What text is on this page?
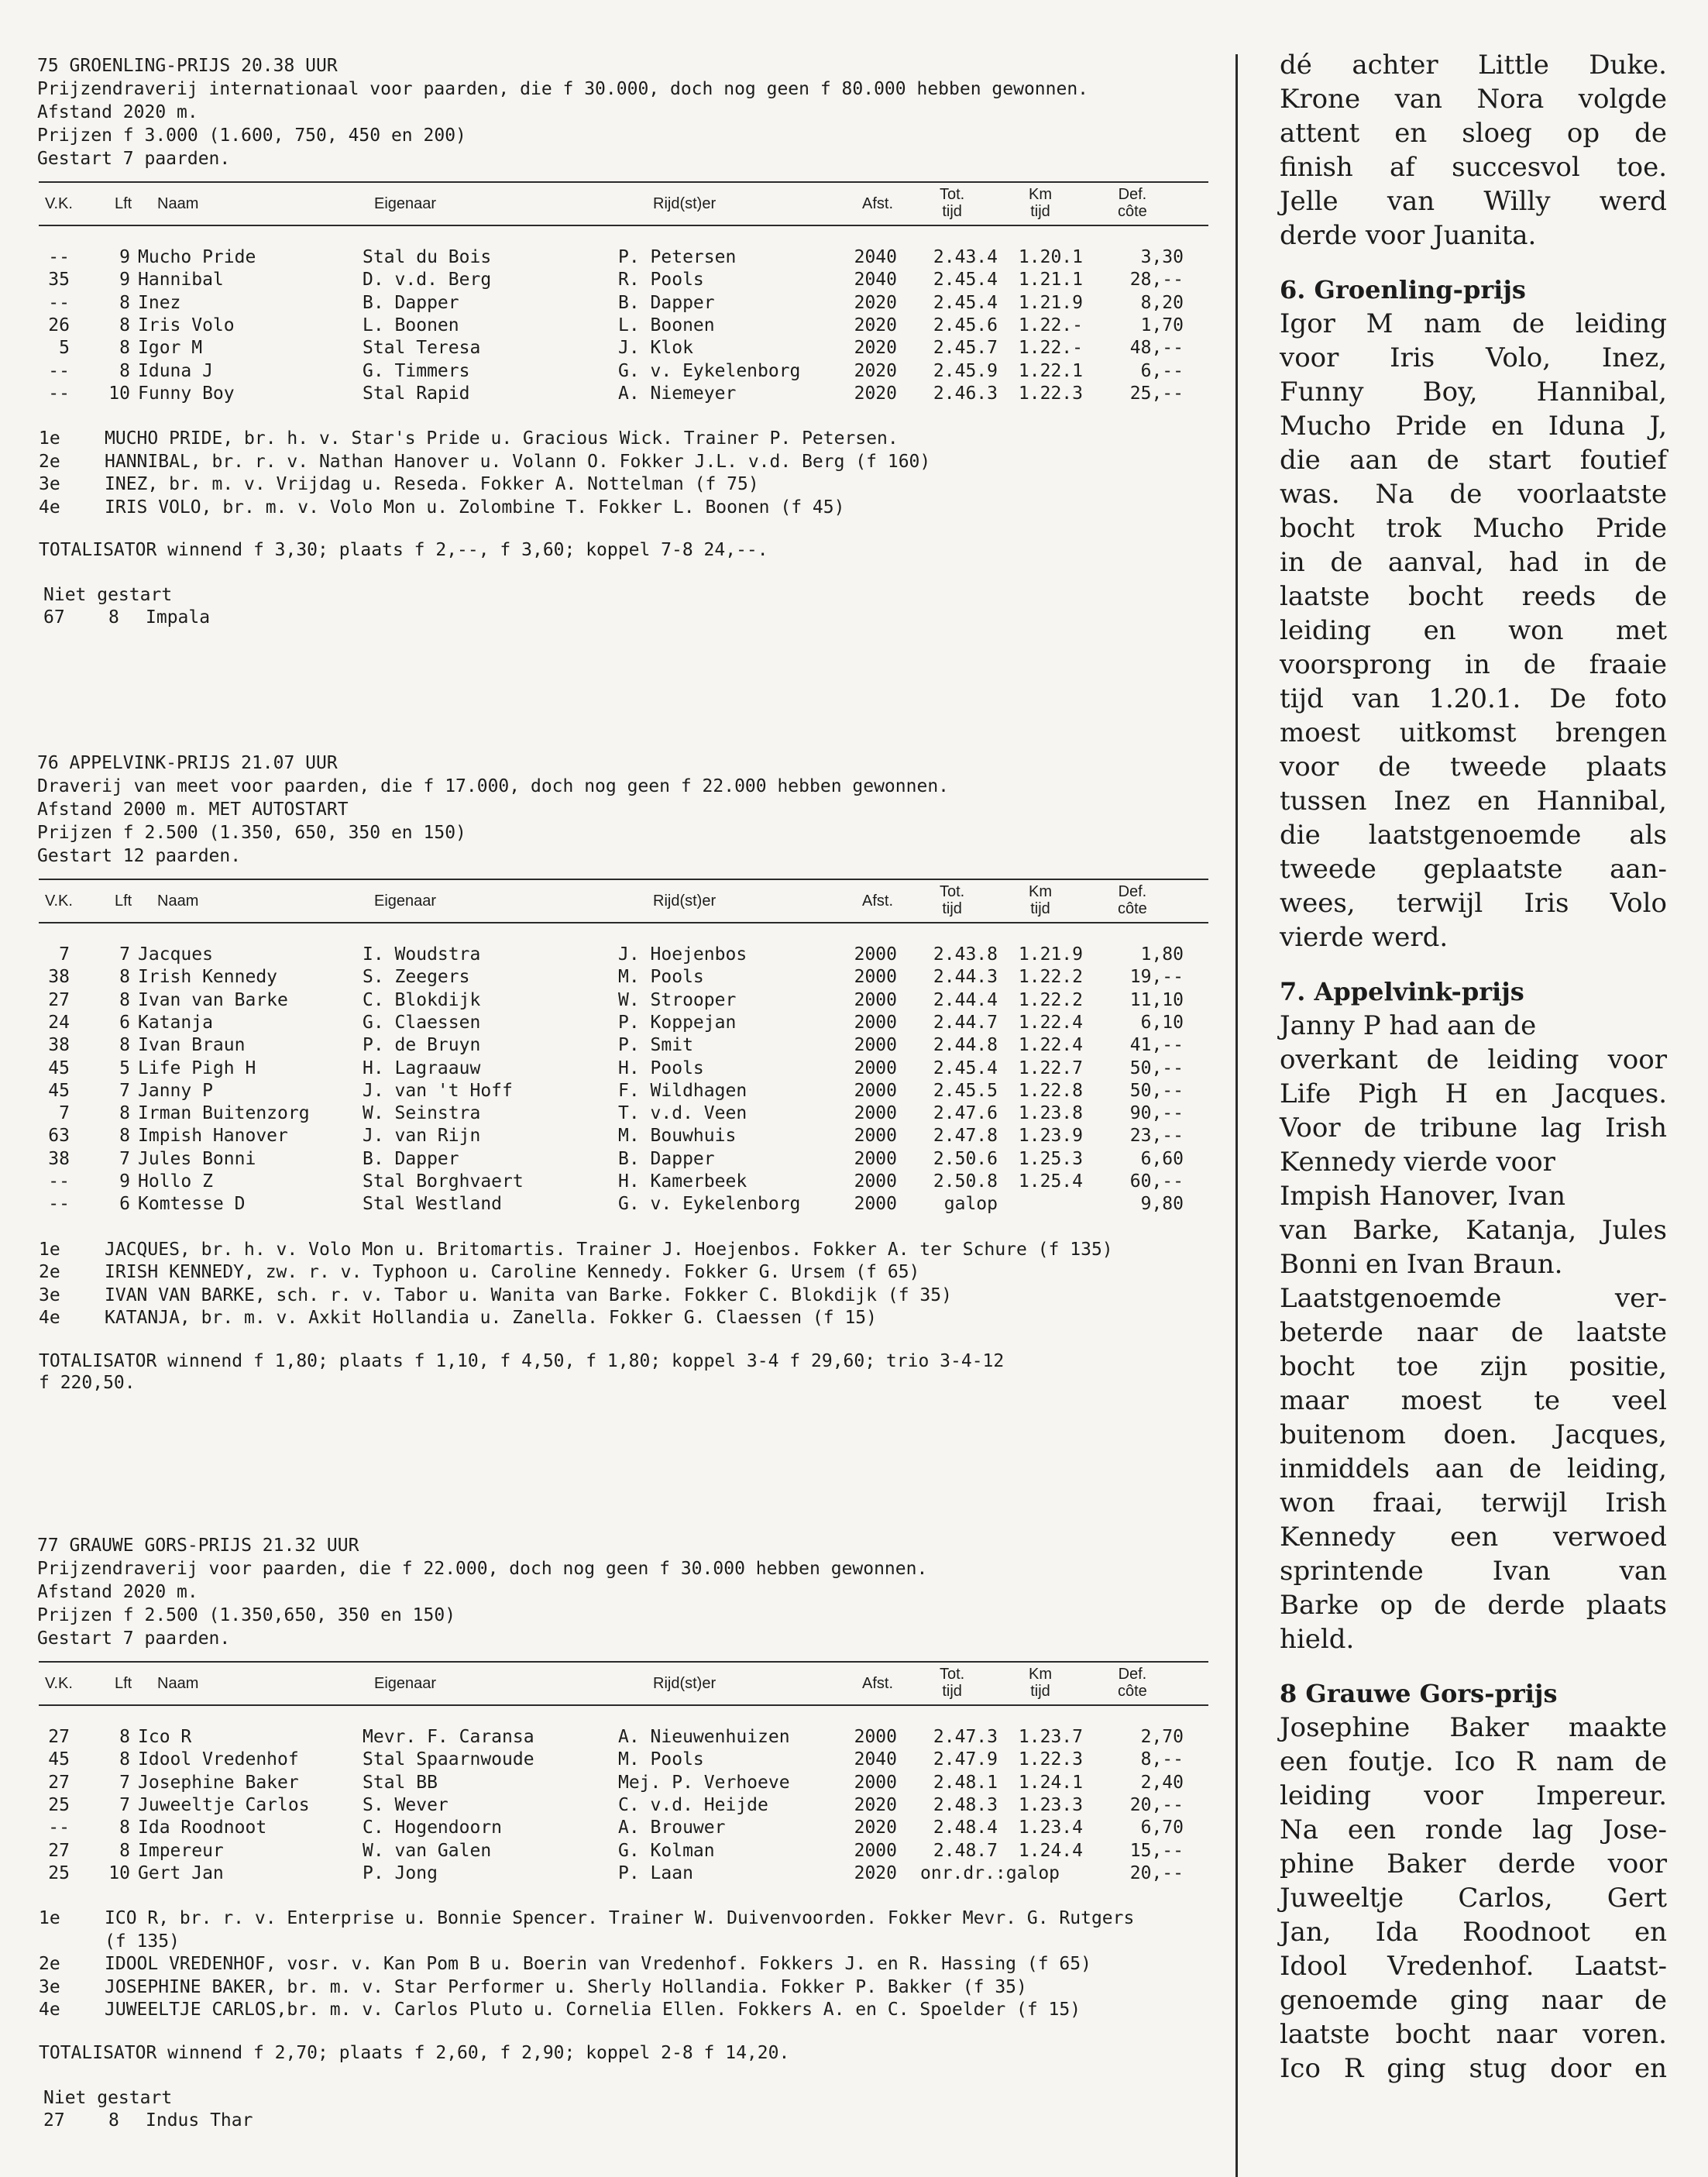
75 GROENLING-PRIJS 20.38 UUR
Prijzendraverij internationaal voor paarden, die f 30.000, doch nog geen f 80.000 hebben gewonnen.
Afstand 2020 m.
Prijzen f 3.000 (1.600, 750, 450 en 200)
Gestart 7 paarden.
V.K.	Lft Naam	Eigenaar	Rijd(st)er	Afst.
Tot.
tijd
Km
tijd
Def.
côte
--	9 Mucho Pride	Stal du Bois	P. Petersen	2040	2.43.4 1.20.1	3,30
35	9 Hannibal	D. v.d. Berg	R. Pools	2040	2.45.4 1.21.1	28,--
--	8 Inez	B. Dapper	B. Dapper	2020	2.45.4 1.21.9	8,20
26	8 Iris Volo	L. Boonen	L. Boonen	2020	2.45.6 1.22.-	1,70
5	8 Igor M	Stal Teresa	J. Klok	2020	2.45.7 1.22.-	48,--
--	8 Iduna J	G. Timmers	G. v. Eykelenborg	2020	2.45.9 1.22.1	6,--
--	10 Funny Boy	Stal Rapid	A. Niemeyer	2020	2.46.3 1.22.3	25,--
1e MUCHO PRIDE, br. h. v. Star's Pride u. Gracious Wick. Trainer P. Petersen.
2e HANNIBAL, br. r. v. Nathan Hanover u. Volann O. Fokker J.L. v.d. Berg (f 160)
3e INEZ, br. m. v. Vrijdag u. Reseda. Fokker A. Nottelman (f 75)
4e IRIS VOLO, br. m. v. Volo Mon u. Zolombine T. Fokker L. Boonen (f 45)
TOTALISATOR winnend f 3,30; plaats f 2,--, f 3,60; koppel 7-8 24,--.
Niet gestart
67 8 Impala
76 APPELVINK-PRIJS 21.07 UUR
Draverij van meet voor paarden, die f 17.000, doch nog geen f 22.000 hebben gewonnen.
Afstand 2000 m. MET AUTOSTART
Prijzen f 2.500 (1.350, 650, 350 en 150)
Gestart 12 paarden.
V.K.	Lft Naam	Eigenaar	Rijd(st)er	Afst.
Tot.
tijd
Km
tijd
Def.
côte
7	7 Jacques	I. Woudstra	J. Hoejenbos	2000	2.43.8 1.21.9	1,80
38	8 Irish Kennedy	S. Zeegers	M. Pools	2000	2.44.3 1.22.2	19,--
27	8 Ivan van Barke	C. Blokdijk	W. Strooper	2000	2.44.4 1.22.2	11,10
24	6 Katanja	G. Claessen	P. Koppejan	2000	2.44.7 1.22.4	6,10
38	8 Ivan Braun	P. de Bruyn	P. Smit	2000	2.44.8 1.22.4	41,--
45	5 Life Pigh H	H. Lagraauw	H. Pools	2000	2.45.4 1.22.7	50,--
45	7 Janny P	J. van 't Hoff	F. Wildhagen	2000	2.45.5 1.22.8	50,--
7	8 Irman Buitenzorg	W. Seinstra	T. v.d. Veen	2000	2.47.6 1.23.8	90,--
63	8 Impish Hanover	J. van Rijn	M. Bouwhuis	2000	2.47.8 1.23.9	23,--
38	7 Jules Bonni	B. Dapper	B. Dapper	2000	2.50.6 1.25.3	6,60
--	9 Hollo Z	Stal Borghvaert	H. Kamerbeek	2000	2.50.8 1.25.4	60,--
--	6 Komtesse D	Stal Westland	G. v. Eykelenborg	2000	galop	9,80
1e JACQUES, br. h. v. Volo Mon u. Britomartis. Trainer J. Hoejenbos. Fokker A. ter Schure (f 135)
2e IRISH KENNEDY, zw. r. v. Typhoon u. Caroline Kennedy. Fokker G. Ursem (f 65)
3e IVAN VAN BARKE, sch. r. v. Tabor u. Wanita van Barke. Fokker C. Blokdijk (f 35)
4e KATANJA, br. m. v. Axkit Hollandia u. Zanella. Fokker G. Claessen (f 15)
TOTALISATOR winnend f 1,80; plaats f 1,10, f 4,50, f 1,80; koppel 3-4 f 29,60; trio 3-4-12
f 220,50.
77 GRAUWE GORS-PRIJS 21.32 UUR
Prijzendraverij voor paarden, die f 22.000, doch nog geen f 30.000 hebben gewonnen.
Afstand 2020 m.
Prijzen f 2.500 (1.350,650, 350 en 150)
Gestart 7 paarden.
V.K.	Lft Naam	Eigenaar	Rijd(st)er	Afst.
Tot.
tijd
Km
tijd
Def.
côte
27	8 Ico R	Mevr. F. Caransa	A. Nieuwenhuizen	2000	2.47.3 1.23.7	2,70
45	8 Idool Vredenhof	Stal Spaarnwoude	M. Pools	2040	2.47.9 1.22.3	8,--
27	7 Josephine Baker	Stal BB	Mej. P. Verhoeve	2000	2.48.1 1.24.1	2,40
25	7 Juweeltje Carlos	S. Wever	C. v.d. Heijde	2020	2.48.3 1.23.3	20,--
--	8 Ida Roodnoot	C. Hogendoorn	A. Brouwer	2020	2.48.4 1.23.4	6,70
27	8 Impereur	W. van Galen	G. Kolman	2000	2.48.7 1.24.4	15,--
25	10 Gert Jan	P. Jong	P. Laan	2020 onr.dr.:galop	20,--
1e ICO R, br. r. v. Enterprise u. Bonnie Spencer. Trainer W. Duivenvoorden. Fokker Mevr. G. Rutgers
(f 135)
2e IDOOL VREDENHOF, vosr. v. Kan Pom B u. Boerin van Vredenhof. Fokkers J. en R. Hassing (f 65)
3e JOSEPHINE BAKER, br. m. v. Star Performer u. Sherly Hollandia. Fokker P. Bakker (f 35)
4e JUWEELTJE CARLOS,br. m. v. Carlos Pluto u. Cornelia Ellen. Fokkers A. en C. Spoelder (f 15)
TOTALISATOR winnend f 2,70; plaats f 2,60, f 2,90; koppel 2-8 f 14,20.
Niet gestart
27 8 Indus Thar

dé achter Little Duke.

Krone van Nora volgde

attent en sloeg op de

finish af succesvol toe.

Jelle van Willy werd

derde voor Juanita.

6. Groenling-prijs

Igor M nam de leiding

voor Iris Volo, Inez,

Funny Boy, Hannibal,

Mucho Pride en Iduna J,

die aan de start foutief

was. Na de voorlaatste

bocht trok Mucho Pride

in de aanval, had in de

laatste bocht reeds de

leiding en won met

voorsprong in de fraaie

tijd van 1.20.1. De foto

moest uitkomst brengen

voor de tweede plaats

tussen Inez en Hannibal,

die laatstgenoemde als

tweede geplaatste aan-

wees, terwijl Iris Volo

vierde werd.

7. Appelvink-prijs

Janny P had aan de

overkant de leiding voor

Life Pigh H en Jacques.

Voor de tribune lag Irish

Kennedy vierde voor

Impish Hanover, Ivan

van Barke, Katanja, Jules

Bonni en Ivan Braun.

Laatstgenoemde ver-

beterde naar de laatste

bocht toe zijn positie,

maar moest te veel

buitenom doen. Jacques,

inmiddels aan de leiding,

won fraai, terwijl Irish

Kennedy een verwoed

sprintende Ivan van

Barke op de derde plaats

hield.

8 Grauwe Gors-prijs

Josephine Baker maakte

een foutje. Ico R nam de

leiding voor Impereur.

Na een ronde lag Jose-

phine Baker derde voor

Juweeltje Carlos, Gert

Jan, Ida Roodnoot en

Idool Vredenhof. Laatst-

genoemde ging naar de

laatste bocht naar voren.

Ico R ging stug door en
